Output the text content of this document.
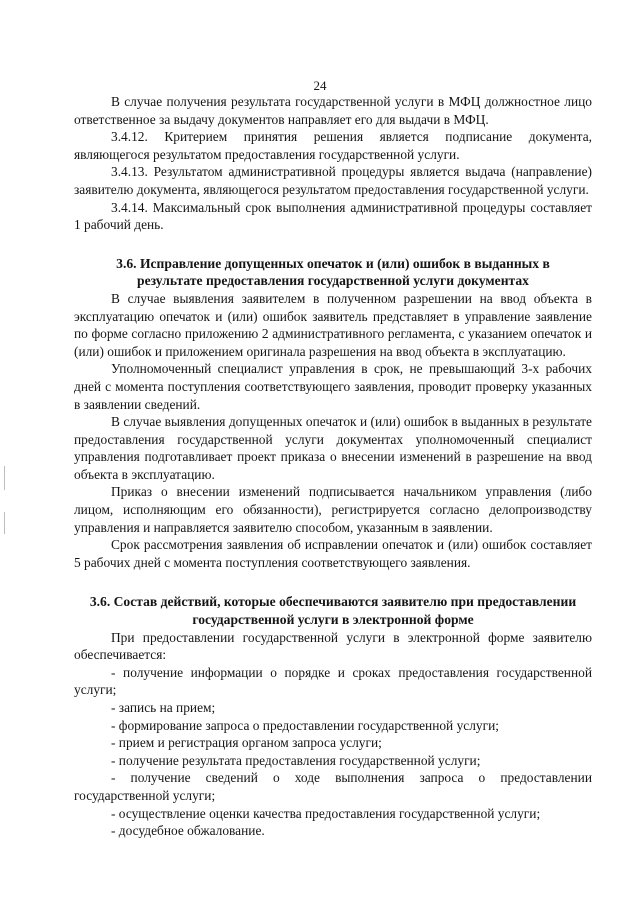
24

В случае получения результата государственной услуги в МФЦ должностное лицо ответственное за выдачу документов направляет его для выдачи в МФЦ.

3.4.12. Критерием принятия решения является подписание документа, являющегося результатом предоставления государственной услуги.

3.4.13. Результатом административной процедуры является выдача (направление) заявителю документа, являющегося результатом предоставления государственной услуги.

3.4.14. Максимальный срок выполнения административной процедуры составляет 1 рабочий день.

3.6. Исправление допущенных опечаток и (или) ошибок в выданных в результате предоставления государственной услуги документах

В случае выявления заявителем в полученном разрешении на ввод объекта в эксплуатацию опечаток и (или) ошибок заявитель представляет в управление заявление по форме согласно приложению 2 административного регламента, с указанием опечаток и (или) ошибок и приложением оригинала разрешения на ввод объекта в эксплуатацию.

Уполномоченный специалист управления в срок, не превышающий 3-х рабочих дней с момента поступления соответствующего заявления, проводит проверку указанных в заявлении сведений.

В случае выявления допущенных опечаток и (или) ошибок в выданных в результате предоставления государственной услуги документах уполномоченный специалист управления подготавливает проект приказа о внесении изменений в разрешение на ввод объекта в эксплуатацию.

Приказ о внесении изменений подписывается начальником управления (либо лицом, исполняющим его обязанности), регистрируется согласно делопроизводству управления и направляется заявителю способом, указанным в заявлении.

Срок рассмотрения заявления об исправлении опечаток и (или) ошибок составляет 5 рабочих дней с момента поступления соответствующего заявления.

3.6. Состав действий, которые обеспечиваются заявителю при предоставлении государственной услуги в электронной форме

При предоставлении государственной услуги в электронной форме заявителю обеспечивается:

- получение информации о порядке и сроках предоставления государственной услуги;

- запись на прием;

- формирование запроса о предоставлении государственной услуги;

- прием и регистрация органом запроса услуги;

- получение результата предоставления государственной услуги;

- получение сведений о ходе выполнения запроса о предоставлении государственной услуги;

- осуществление оценки качества предоставления государственной услуги;

- досудебное обжалование.
